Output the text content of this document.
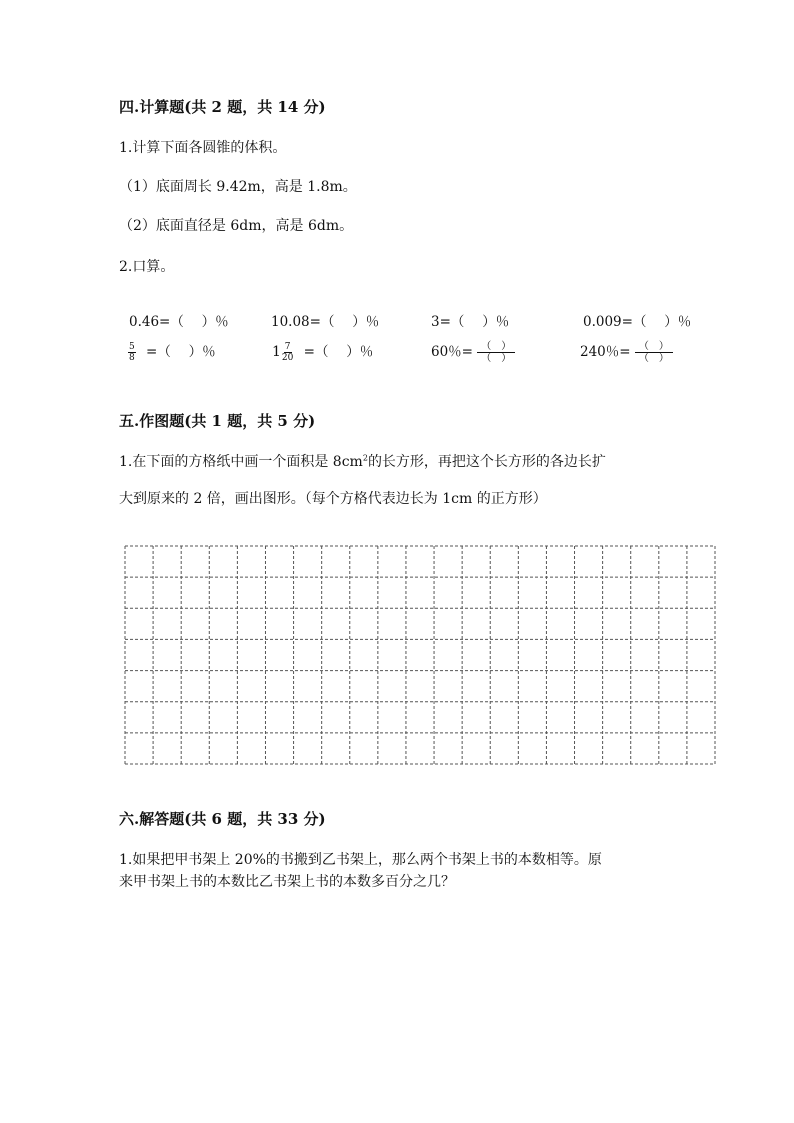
四.计算题(共 2 题，共 14 分)
1.计算下面各圆锥的体积。
（1）底面周长 9.42m，高是 1.8m。
（2）底面直径是 6dm，高是 6dm。
2.口算。
0.46=（　 ）％	10.08=（　 ）％	3=（　 ）％	0.009=（　 ）％
$\frac{5}{8}$ =（　 ）％	$1 \frac{7}{20}$ =（　 ）％	60％= $\frac{( )}{( )}$	240％= $\frac{( )}{( )}$
五.作图题(共 1 题，共 5 分)
1.在下面的方格纸中画一个面积是 $8cm^2$的长方形，再把这个长方形的各边长扩
大到原来的 2 倍，画出图形。（每个方格代表边长为 1cm 的正方形）
六.解答题(共 6 题，共 33 分)
1.如果把甲书架上 20%的书搬到乙书架上，那么两个书架上书的本数相等。原
来甲书架上书的本数比乙书架上书的本数多百分之几？
